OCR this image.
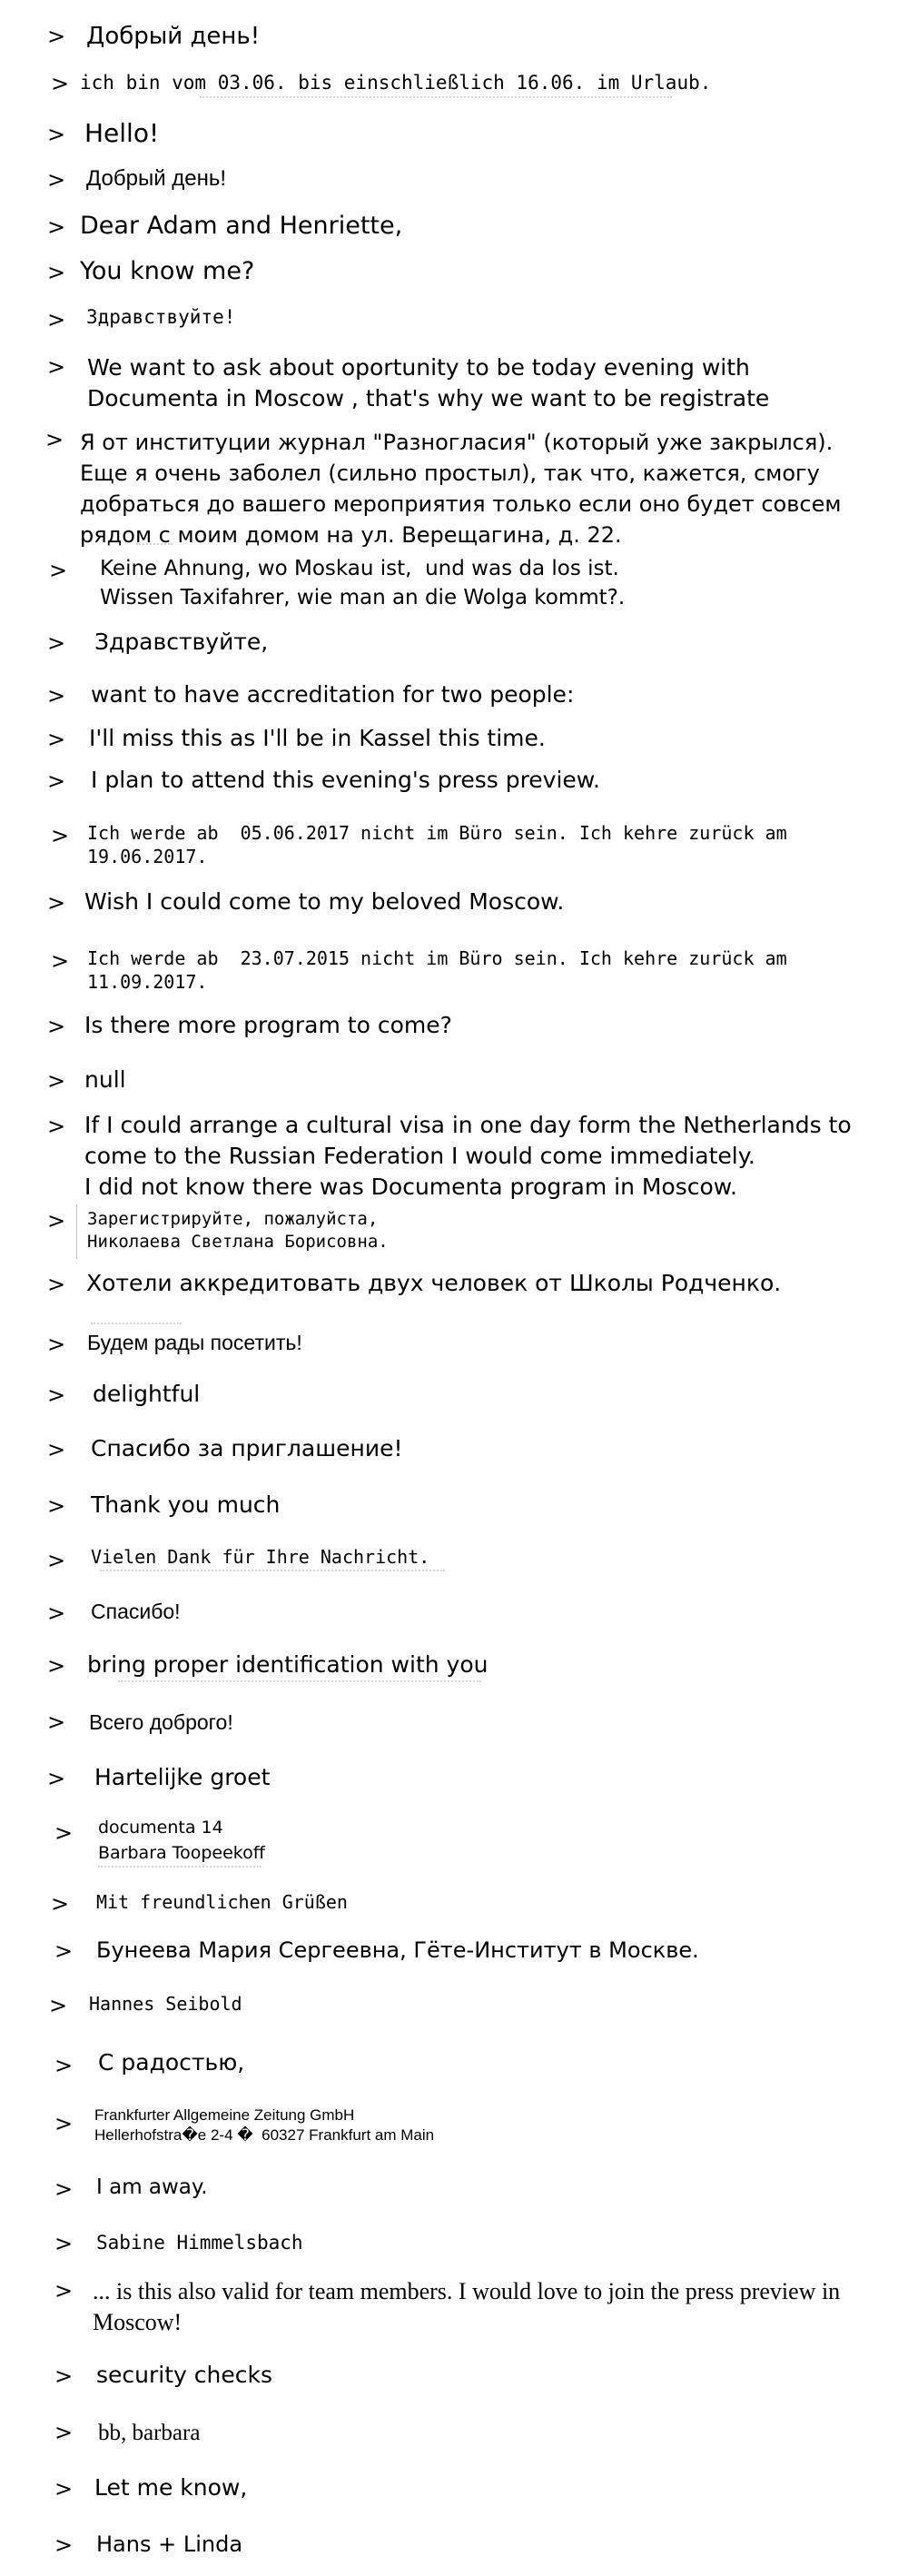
> Добрый день!
> ich bin vom 03.06. bis einschließlich 16.06. im Urlaub.
> Hello!
> Добрый день!
> Dear Adam and Henriette,
> You know me?
> Здравствуйте!
> We want to ask about oportunity to be today evening with Documenta in Moscow , that's why we want to be registrate
> Я от институции журнал "Разногласия" (который уже закрылся).
Еще я очень заболел (сильно простыл), так что, кажется, смогу добраться до вашего мероприятия только если оно будет совсем рядом с моим домом на ул. Верещагина, д. 22.
> Keine Ahnung, wo Moskau ist,  und was da los ist.
Wissen Taxifahrer, wie man an die Wolga kommt?.
> Здравствуйте,
> want to have accreditation for two people:
> I'll miss this as I'll be in Kassel this time.
> I plan to attend this evening's press preview.
> Ich werde ab  05.06.2017 nicht im Büro sein. Ich kehre zurück am 19.06.2017.
> Wish I could come to my beloved Moscow.
> Ich werde ab  23.07.2015 nicht im Büro sein. Ich kehre zurück am 11.09.2017.
> Is there more program to come?
> null
> If I could arrange a cultural visa in one day form the Netherlands to come to the Russian Federation I would come immediately.
I did not know there was Documenta program in Moscow.
> Зарегистрируйте, пожалуйста,
Николаева Светлана Борисовна.
> Хотели аккредитовать двух человек от Школы Родченко.
> Будем рады посетить!
> delightful
> Спасибо за приглашение!
> Thank you much
> Vielen Dank für Ihre Nachricht.
> Спасибо!
> bring proper identification with you
> Всего доброго!
> Hartelijke groet
> documenta 14
Barbara Toopeekoff
> Mit freundlichen Grüßen
> Бунеева Мария Сергеевна, Гёте-Институт в Москве.
> Hannes Seibold
> С радостью,
> Frankfurter Allgemeine Zeitung GmbH
Hellerhofstra�e 2-4 �  60327 Frankfurt am Main
> I am away.
> Sabine Himmelsbach
> ... is this also valid for team members. I would love to join the press preview in Moscow!
> security checks
> bb, barbara
> Let me know,
> Hans + Linda
